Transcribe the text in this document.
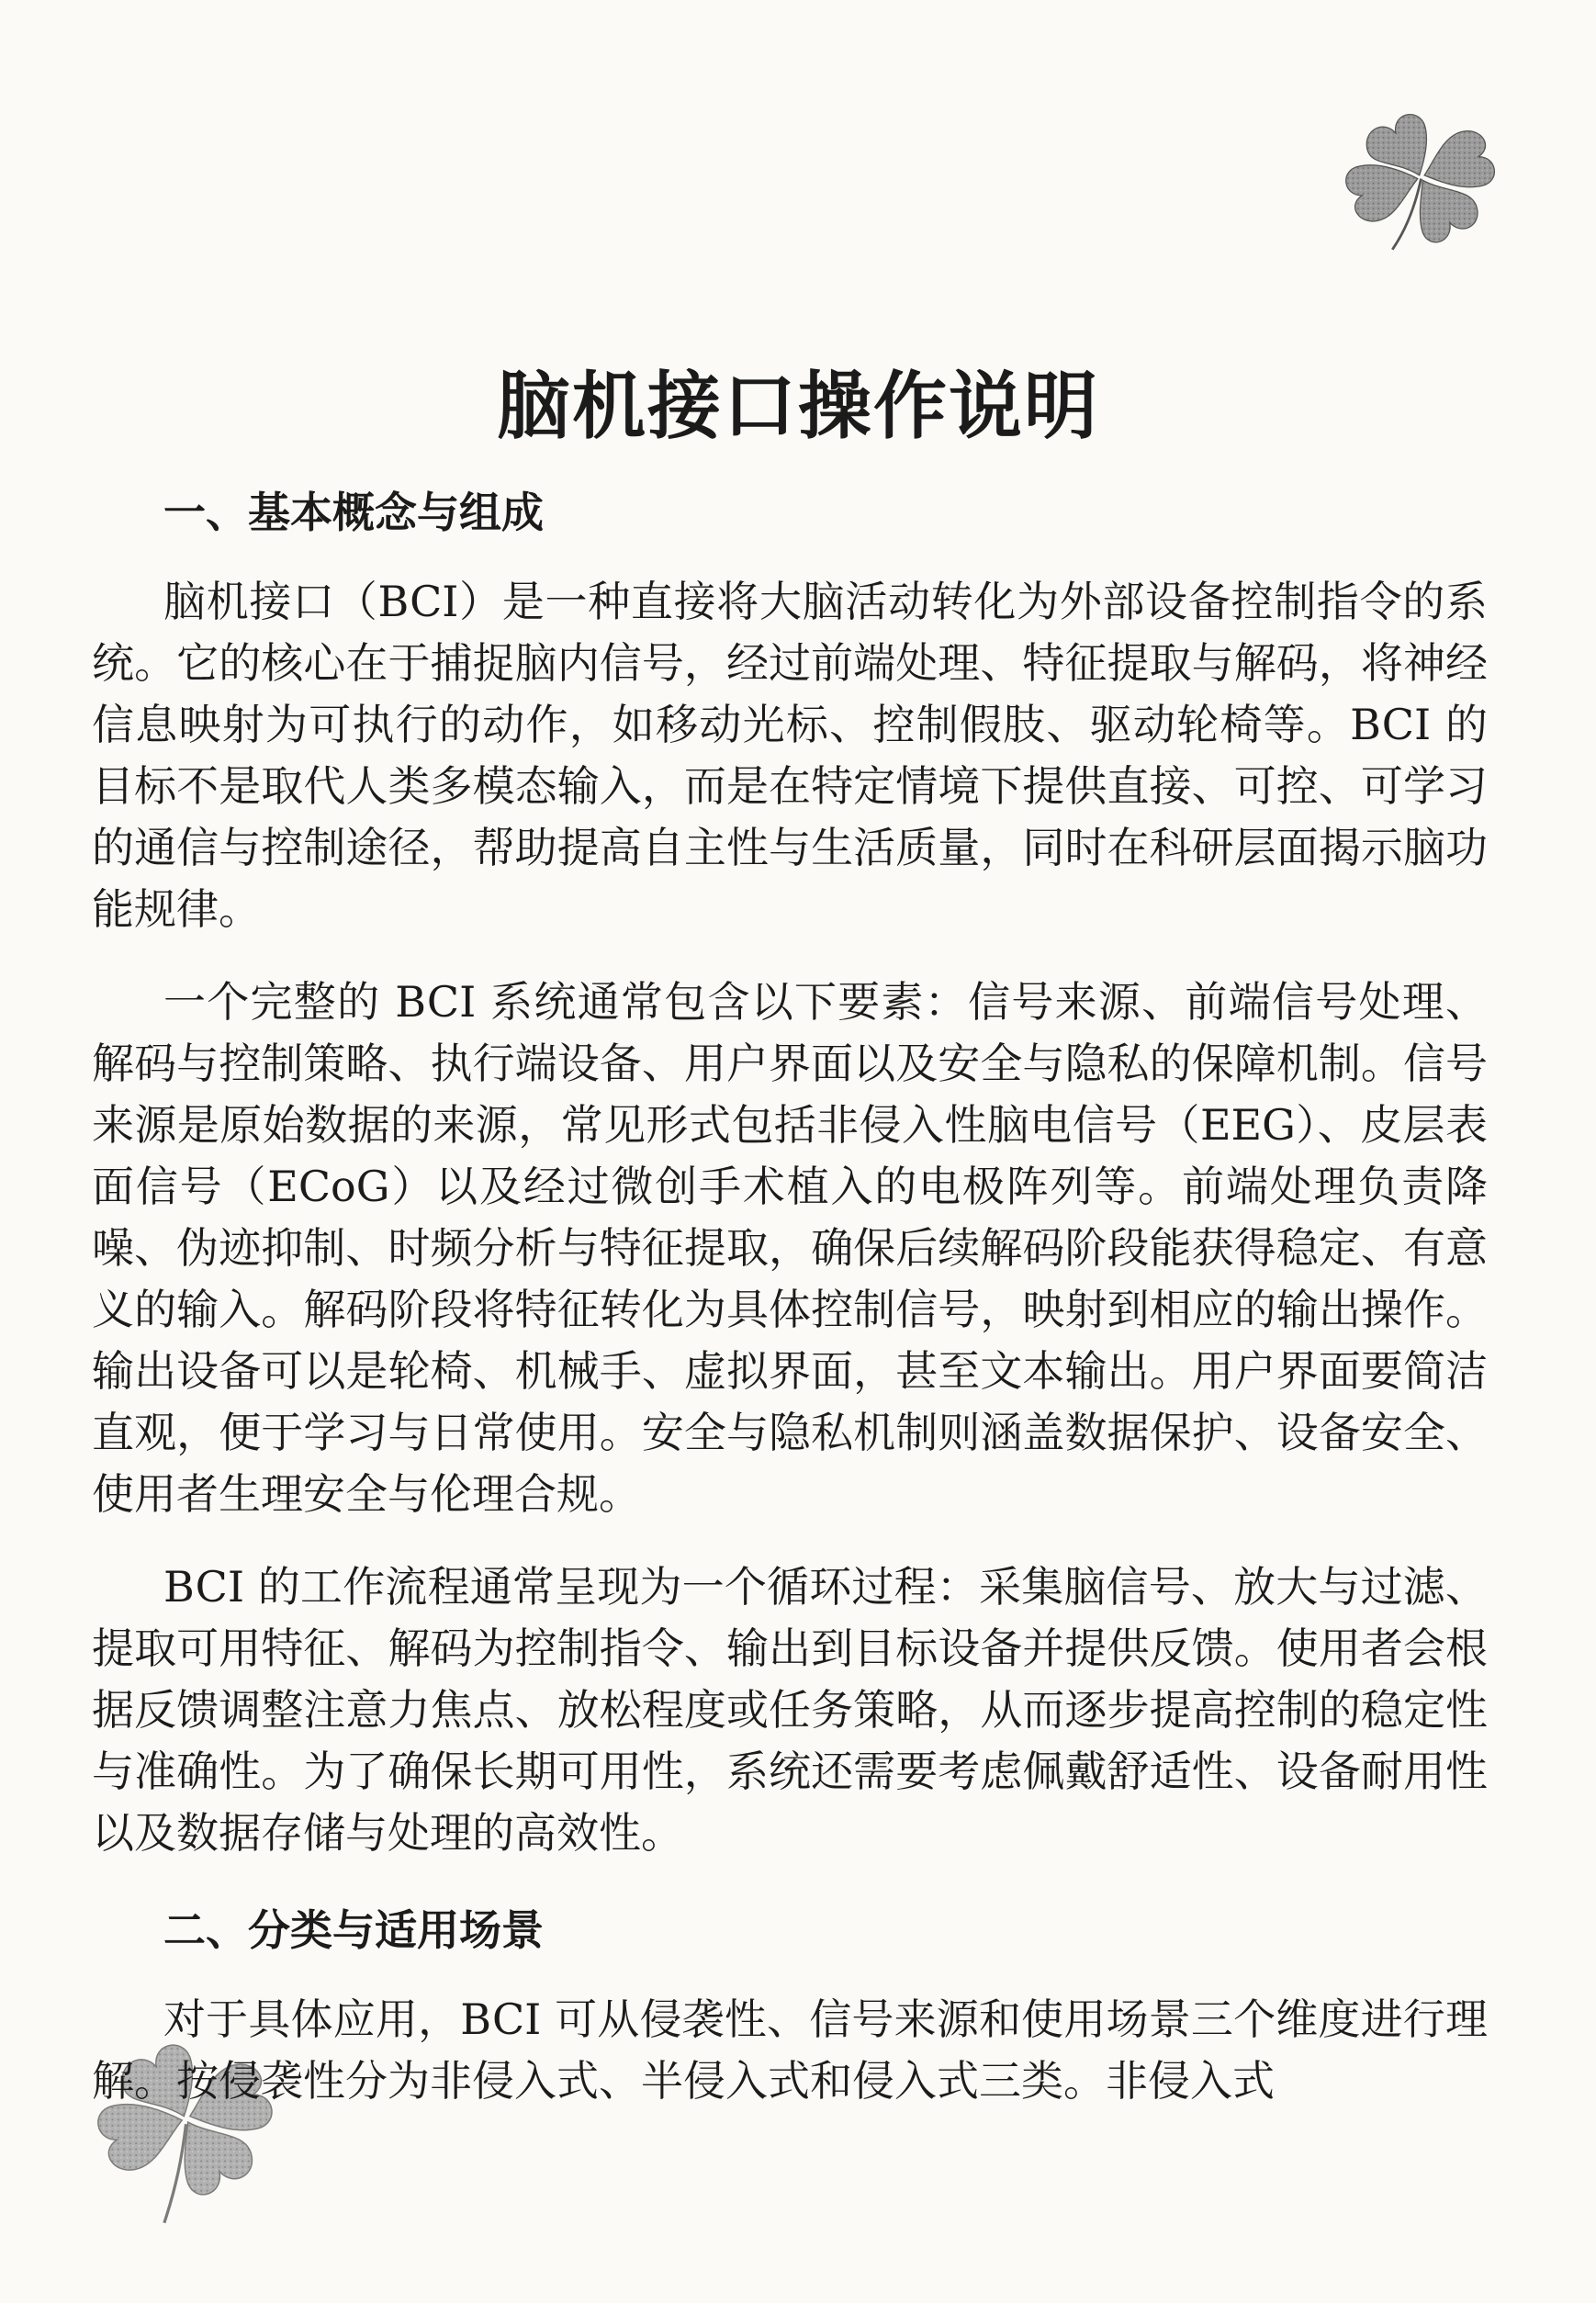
脑机接口操作说明
一、基本概念与组成

脑机接口（BCI）是一种直接将大脑活动转化为外部设备控制指令的系统。它的核心在于捕捉脑内信号，经过前端处理、特征提取与解码，将神经信息映射为可执行的动作，如移动光标、控制假肢、驱动轮椅等。BCI 的目标不是取代人类多模态输入，而是在特定情境下提供直接、可控、可学习的通信与控制途径，帮助提高自主性与生活质量，同时在科研层面揭示脑功能规律。

一个完整的 BCI 系统通常包含以下要素：信号来源、前端信号处理、解码与控制策略、执行端设备、用户界面以及安全与隐私的保障机制。信号来源是原始数据的来源，常见形式包括非侵入性脑电信号（EEG）、皮层表面信号（ECoG）以及经过微创手术植入的电极阵列等。前端处理负责降噪、伪迹抑制、时频分析与特征提取，确保后续解码阶段能获得稳定、有意义的输入。解码阶段将特征转化为具体控制信号，映射到相应的输出操作。输出设备可以是轮椅、机械手、虚拟界面，甚至文本输出。用户界面要简洁直观，便于学习与日常使用。安全与隐私机制则涵盖数据保护、设备安全、使用者生理安全与伦理合规。

BCI 的工作流程通常呈现为一个循环过程：采集脑信号、放大与过滤、提取可用特征、解码为控制指令、输出到目标设备并提供反馈。使用者会根据反馈调整注意力焦点、放松程度或任务策略，从而逐步提高控制的稳定性与准确性。为了确保长期可用性，系统还需要考虑佩戴舒适性、设备耐用性以及数据存储与处理的高效性。

二、分类与适用场景

对于具体应用，BCI 可从侵袭性、信号来源和使用场景三个维度进行理解。按侵袭性分为非侵入式、半侵入式和侵入式三类。非侵入式
